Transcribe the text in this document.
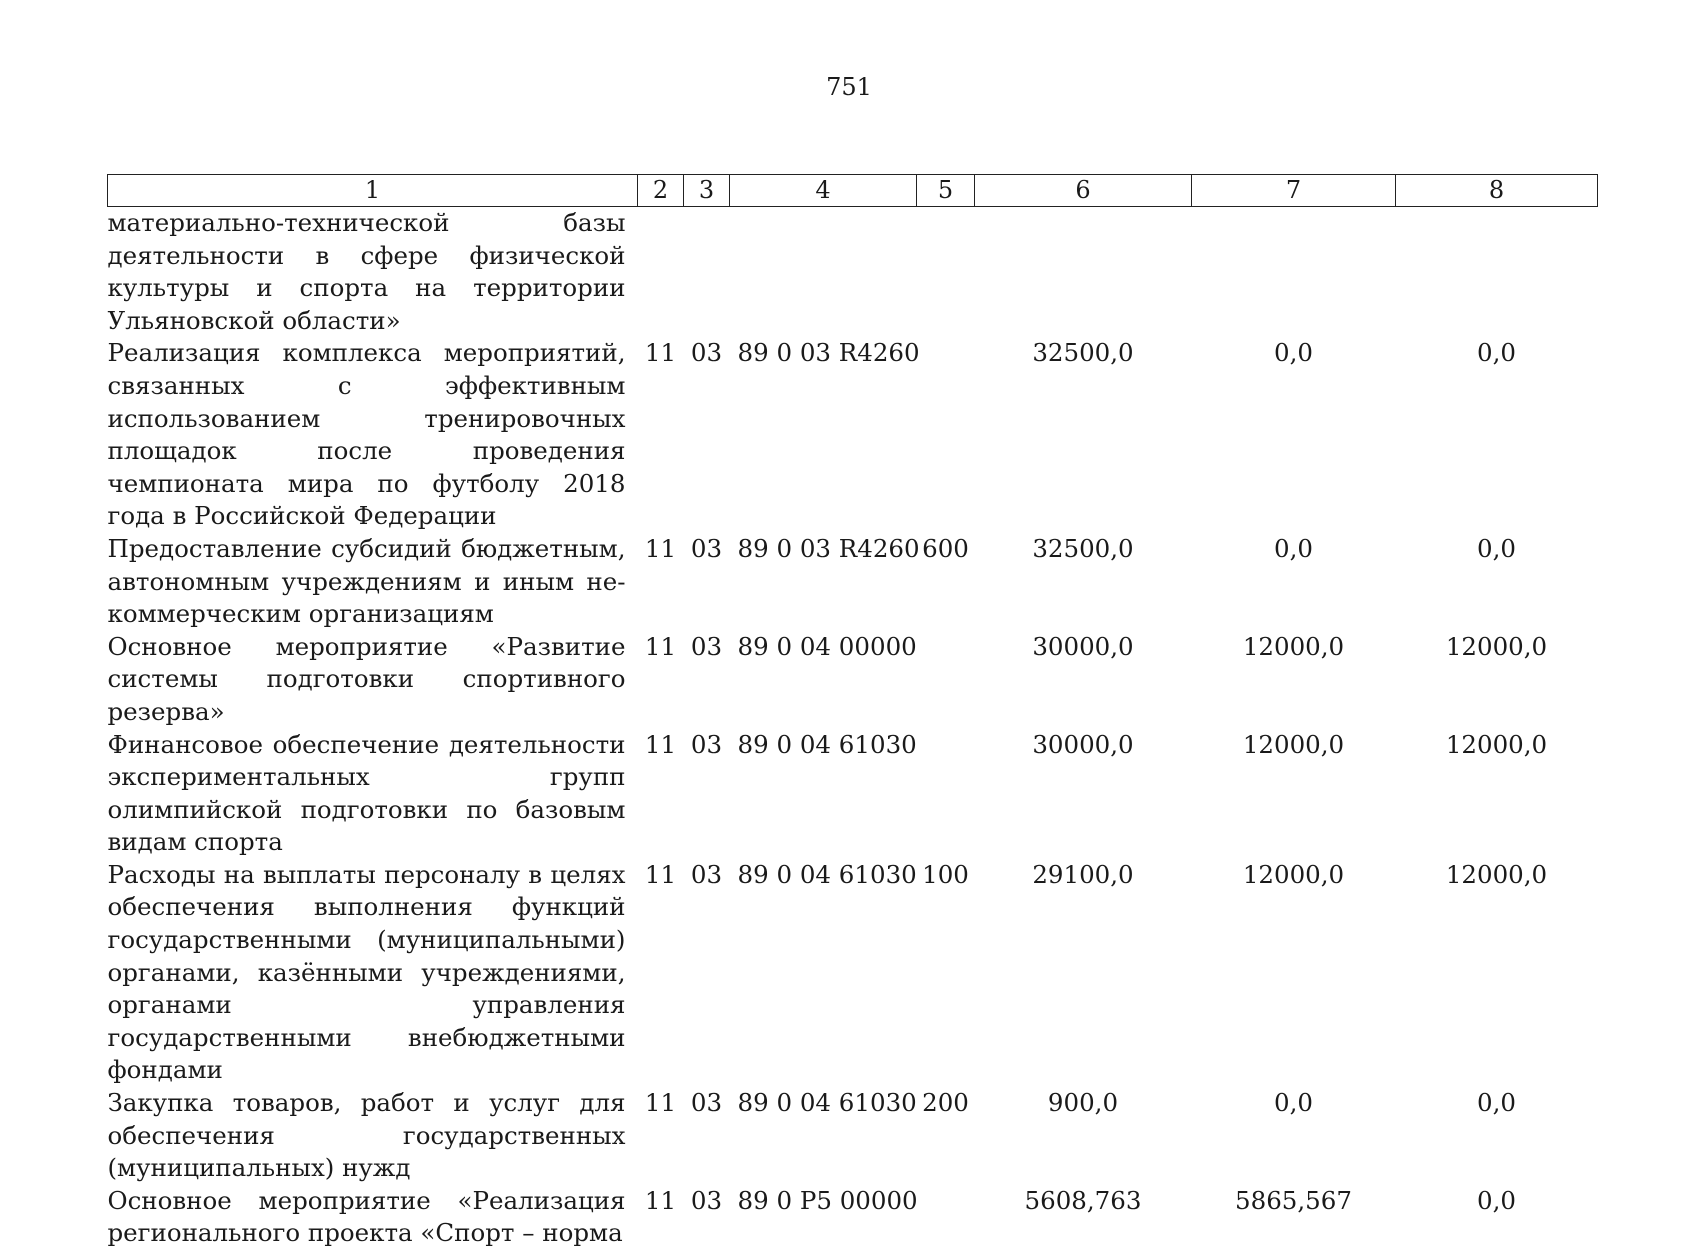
751
1	2	3	4	5	6	7	8
материально-технической базы деятельности в сфере физической культуры и спорта на территории Ульяновской области»							
Реализация комплекса мероприятий, связанных с эффективным использованием тренировочных площадок после проведения чемпионата мира по футболу 2018 года в Российской Федерации	11	03	89 0 03 R4260		32500,0	0,0	0,0
Предоставление субсидий бюджетным, автономным учреждениям и иным некоммерческим организациям	11	03	89 0 03 R4260	600	32500,0	0,0	0,0
Основное мероприятие «Развитие системы подготовки спортивного резерва»	11	03	89 0 04 00000		30000,0	12000,0	12000,0
Финансовое обеспечение деятельности экспериментальных групп олимпийской подготовки по базовым видам спорта	11	03	89 0 04 61030		30000,0	12000,0	12000,0
Расходы на выплаты персоналу в целях обеспечения выполнения функций государственными (муниципальными) органами, казёнными учреждениями, органами управления государственными внебюджетными фондами	11	03	89 0 04 61030	100	29100,0	12000,0	12000,0
Закупка товаров, работ и услуг для обеспечения государственных (муниципальных) нужд	11	03	89 0 04 61030	200	900,0	0,0	0,0
Основное мероприятие «Реализация регионального проекта «Спорт – норма	11	03	89 0 P5 00000		5608,763	5865,567	0,0
